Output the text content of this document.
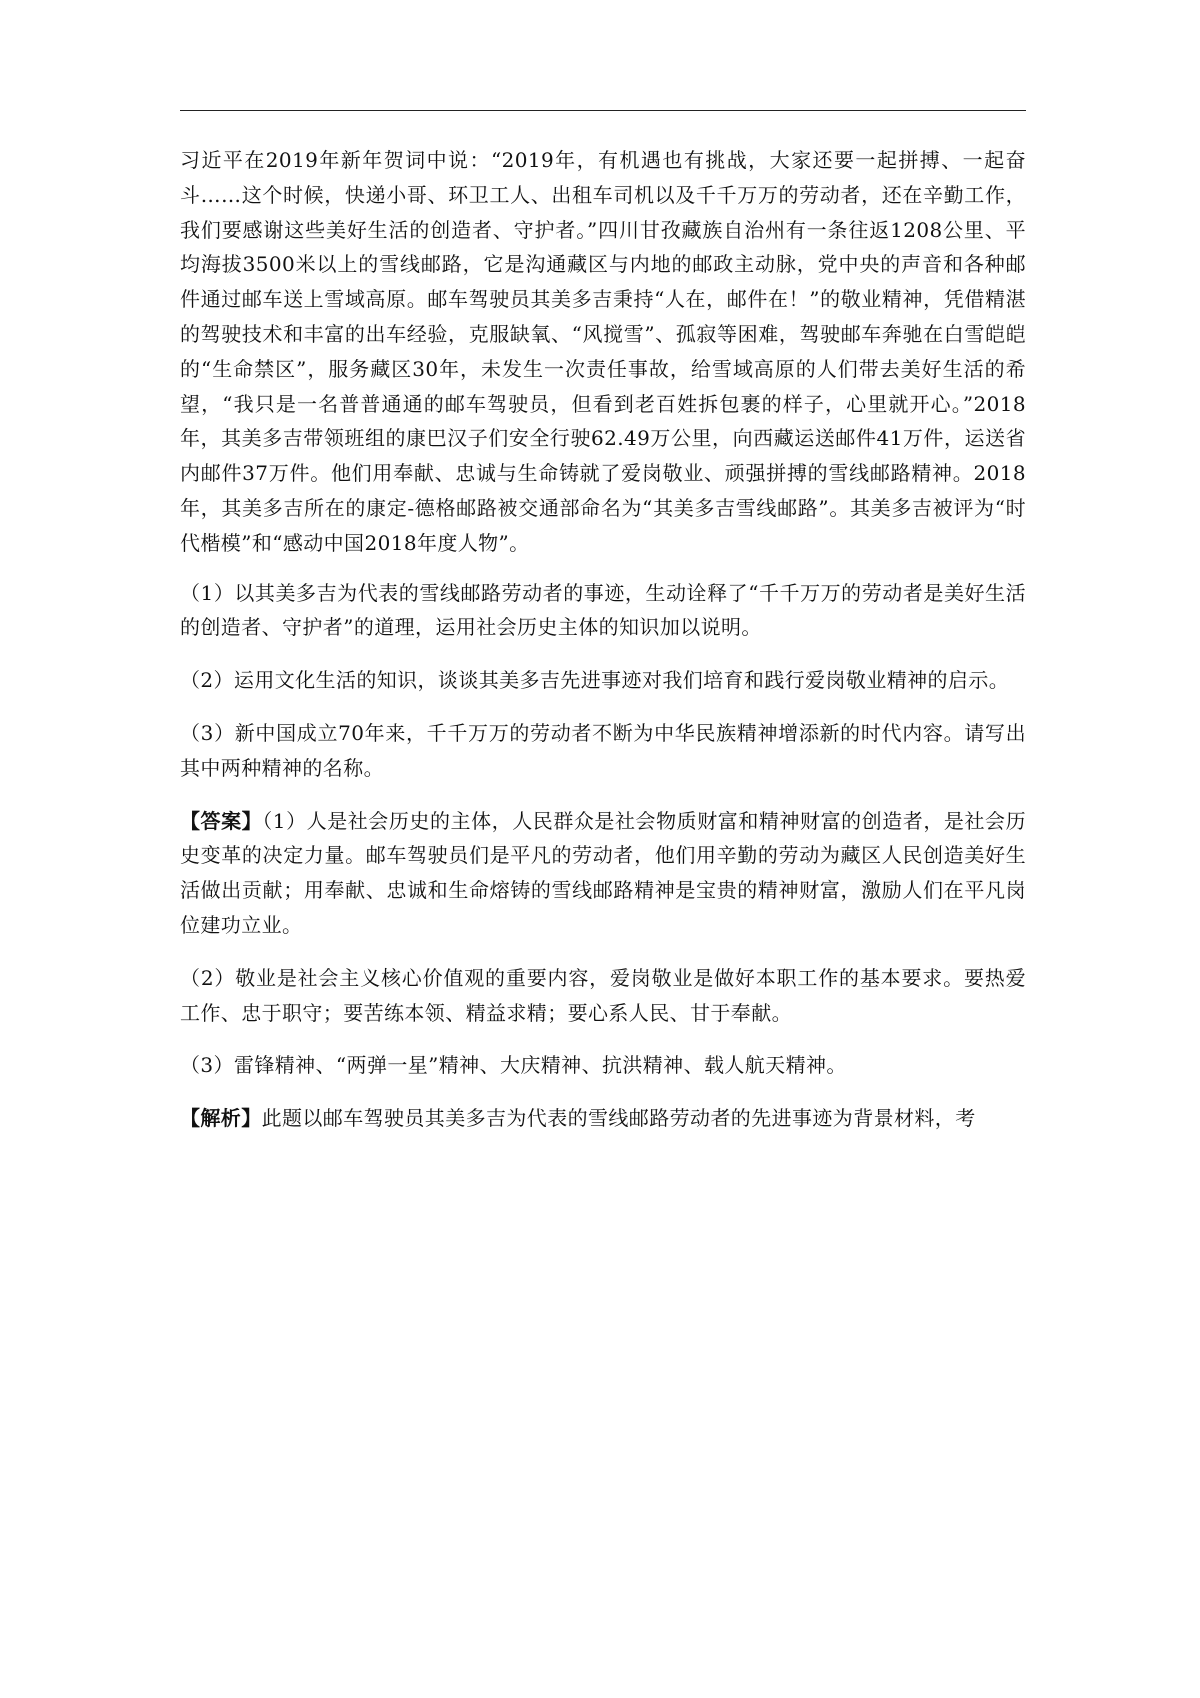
习近平在2019年新年贺词中说：“2019年，有机遇也有挑战，大家还要一起拼搏、一起奋斗……这个时候，快递小哥、环卫工人、出租车司机以及千千万万的劳动者，还在辛勤工作，我们要感谢这些美好生活的创造者、守护者。”四川甘孜藏族自治州有一条往返1208公里、平均海拔3500米以上的雪线邮路，它是沟通藏区与内地的邮政主动脉，党中央的声音和各种邮件通过邮车送上雪域高原。邮车驾驶员其美多吉秉持“人在，邮件在！”的敬业精神，凭借精湛的驾驶技术和丰富的出车经验，克服缺氧、“风搅雪”、孤寂等困难，驾驶邮车奔驰在白雪皑皑的“生命禁区”，服务藏区30年，未发生一次责任事故，给雪域高原的人们带去美好生活的希望，“我只是一名普普通通的邮车驾驶员，但看到老百姓拆包裹的样子，心里就开心。”2018年，其美多吉带领班组的康巴汉子们安全行驶62.49万公里，向西藏运送邮件41万件，运送省内邮件37万件。他们用奉献、忠诚与生命铸就了爱岗敬业、顽强拼搏的雪线邮路精神。2018年，其美多吉所在的康定-德格邮路被交通部命名为“其美多吉雪线邮路”。其美多吉被评为“时代楷模”和“感动中国2018年度人物”。

（1）以其美多吉为代表的雪线邮路劳动者的事迹，生动诠释了“千千万万的劳动者是美好生活的创造者、守护者”的道理，运用社会历史主体的知识加以说明。

（2）运用文化生活的知识，谈谈其美多吉先进事迹对我们培育和践行爱岗敬业精神的启示。

（3）新中国成立70年来，千千万万的劳动者不断为中华民族精神增添新的时代内容。请写出其中两种精神的名称。

【答案】（1）人是社会历史的主体，人民群众是社会物质财富和精神财富的创造者，是社会历史变革的决定力量。邮车驾驶员们是平凡的劳动者，他们用辛勤的劳动为藏区人民创造美好生活做出贡献；用奉献、忠诚和生命熔铸的雪线邮路精神是宝贵的精神财富，激励人们在平凡岗位建功立业。

（2）敬业是社会主义核心价值观的重要内容，爱岗敬业是做好本职工作的基本要求。要热爱工作、忠于职守；要苦练本领、精益求精；要心系人民、甘于奉献。

（3）雷锋精神、“两弹一星”精神、大庆精神、抗洪精神、载人航天精神。

【解析】此题以邮车驾驶员其美多吉为代表的雪线邮路劳动者的先进事迹为背景材料，考
